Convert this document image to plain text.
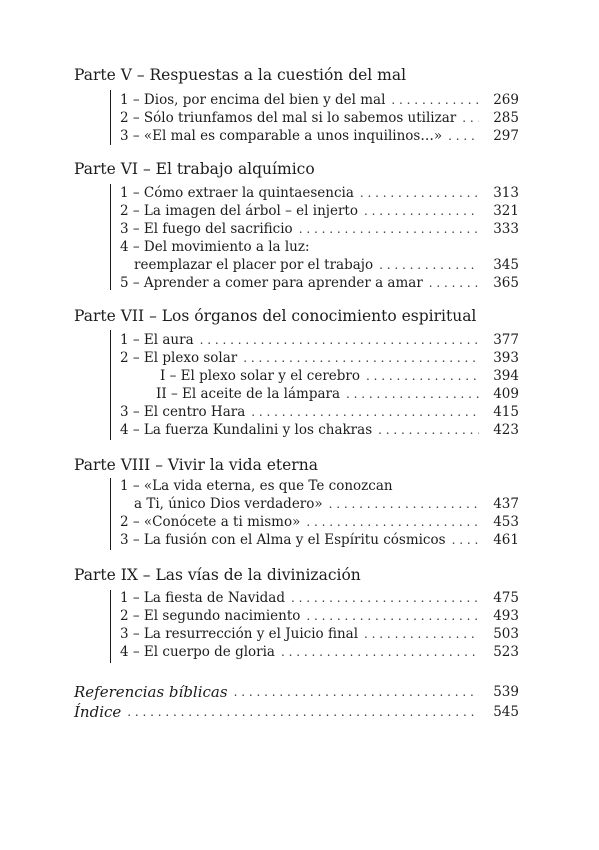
Parte V – Respuestas a la cuestión del mal
1 – Dios, por encima del bien y del mal . . .	269
2 – Sólo triunfamos del mal si lo sabemos utilizar . . .	285
3 – «El mal es comparable a unos inquilinos…» . . .	297
Parte VI – El trabajo alquímico
1 – Cómo extraer la quintaesencia . . .	313
2 – La imagen del árbol – el injerto . . .	321
3 – El fuego del sacrificio . . .	333
4 – Del movimiento a la luz:
reemplazar el placer por el trabajo . . .	345
5 – Aprender a comer para aprender a amar . . .	365
Parte VII – Los órganos del conocimiento espiritual
1 – El aura . . .	377
2 – El plexo solar . . .	393
I – El plexo solar y el cerebro . . .	394
II – El aceite de la lámpara . . .	409
3 – El centro Hara . . .	415
4 – La fuerza Kundalini y los chakras . . .	423
Parte VIII – Vivir la vida eterna
1 – «La vida eterna, es que Te conozcan
a Ti, único Dios verdadero» . . .	437
2 – «Conócete a ti mismo» . . .	453
3 – La fusión con el Alma y el Espíritu cósmicos . . .	461
Parte IX – Las vías de la divinización
1 – La fiesta de Navidad . . .	475
2 – El segundo nacimiento . . .	493
3 – La resurrección y el Juicio final . . .	503
4 – El cuerpo de gloria . . .	523
Referencias bíblicas . . .	539
Índice . . .	545
